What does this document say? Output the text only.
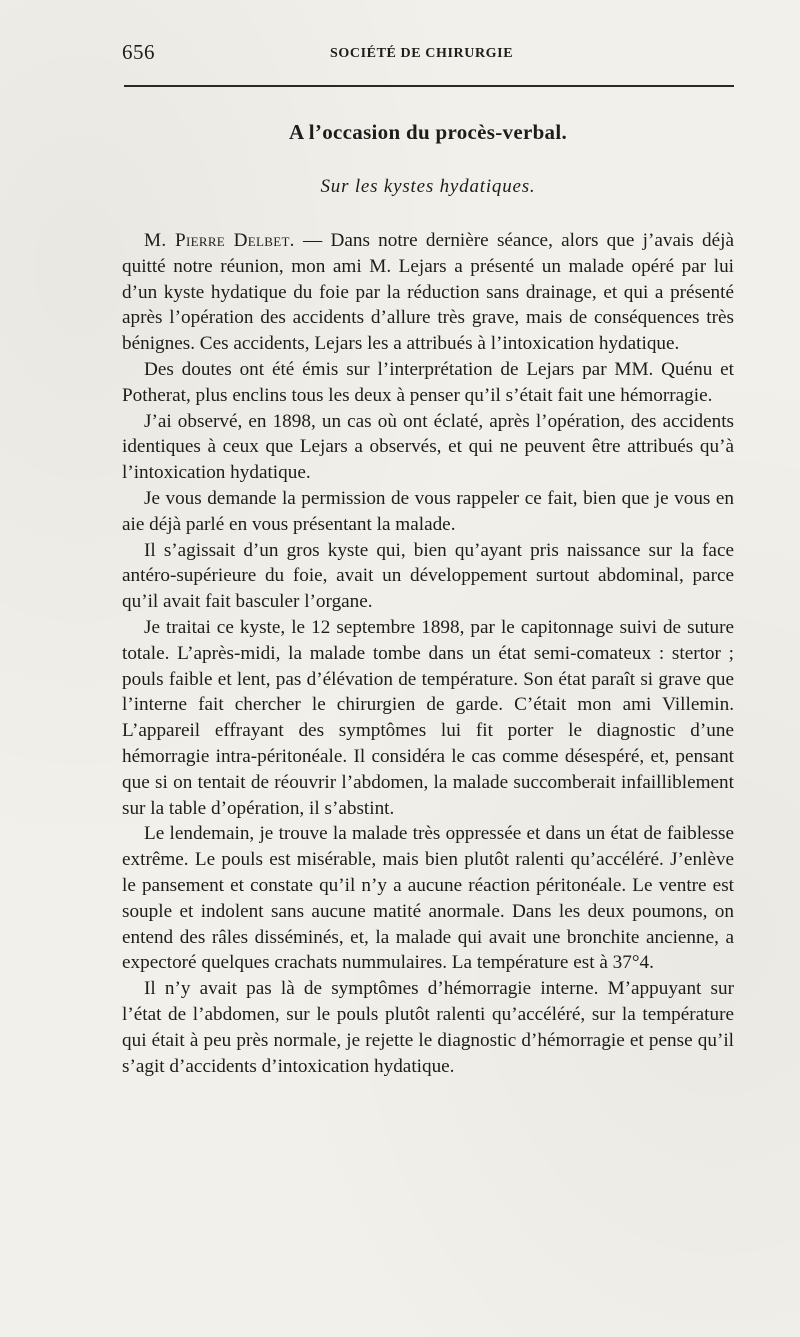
656	SOCIÉTÉ DE CHIRURGIE
A l’occasion du procès-verbal.
Sur les kystes hydatiques.

M. Pierre Delbet. — Dans notre dernière séance, alors que j’avais déjà quitté notre réunion, mon ami M. Lejars a présenté un malade opéré par lui d’un kyste hydatique du foie par la réduction sans drainage, et qui a présenté après l’opération des accidents d’allure très grave, mais de conséquences très bénignes. Ces accidents, Lejars les a attribués à l’intoxication hydatique.

Des doutes ont été émis sur l’interprétation de Lejars par MM. Quénu et Potherat, plus enclins tous les deux à penser qu’il s’était fait une hémorragie.

J’ai observé, en 1898, un cas où ont éclaté, après l’opération, des accidents identiques à ceux que Lejars a observés, et qui ne peuvent être attribués qu’à l’intoxication hydatique.

Je vous demande la permission de vous rappeler ce fait, bien que je vous en aie déjà parlé en vous présentant la malade.

Il s’agissait d’un gros kyste qui, bien qu’ayant pris naissance sur la face antéro-supérieure du foie, avait un développement surtout abdominal, parce qu’il avait fait basculer l’organe.

Je traitai ce kyste, le 12 septembre 1898, par le capitonnage suivi de suture totale. L’après-midi, la malade tombe dans un état semi-comateux : stertor ; pouls faible et lent, pas d’élévation de température. Son état paraît si grave que l’interne fait chercher le chirurgien de garde. C’était mon ami Villemin. L’appareil effrayant des symptômes lui fit porter le diagnostic d’une hémorragie intra-péritonéale. Il considéra le cas comme désespéré, et, pensant que si on tentait de réouvrir l’abdomen, la malade succomberait infailliblement sur la table d’opération, il s’abstint.

Le lendemain, je trouve la malade très oppressée et dans un état de faiblesse extrême. Le pouls est misérable, mais bien plutôt ralenti qu’accéléré. J’enlève le pansement et constate qu’il n’y a aucune réaction péritonéale. Le ventre est souple et indolent sans aucune matité anormale. Dans les deux poumons, on entend des râles disséminés, et, la malade qui avait une bronchite ancienne, a expectoré quelques crachats nummulaires. La température est à 37°4.

Il n’y avait pas là de symptômes d’hémorragie interne. M’appuyant sur l’état de l’abdomen, sur le pouls plutôt ralenti qu’accéléré, sur la température qui était à peu près normale, je rejette le diagnostic d’hémorragie et pense qu’il s’agit d’accidents d’intoxication hydatique.
